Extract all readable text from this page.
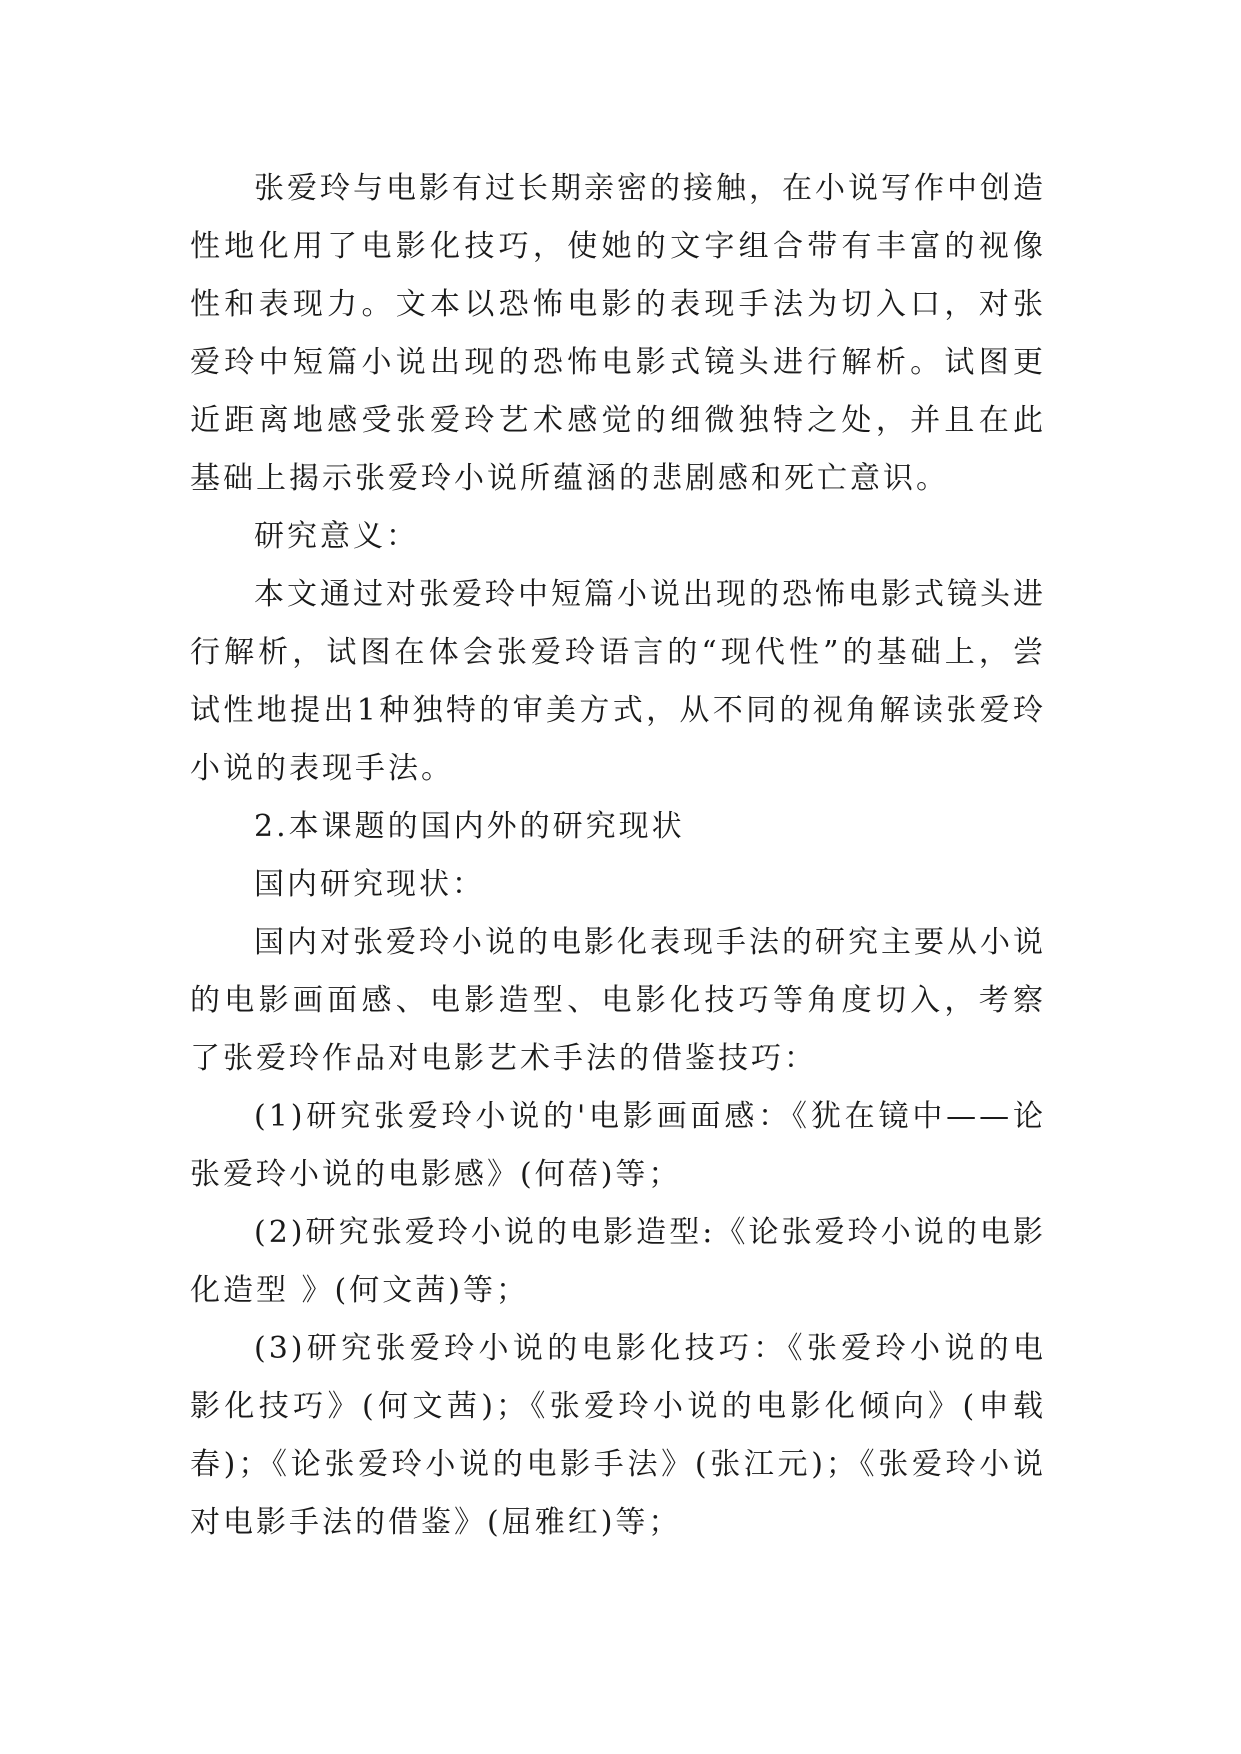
张爱玲与电影有过长期亲密的接触，在小说写作中创造性地化用了电影化技巧，使她的文字组合带有丰富的视像性和表现力。文本以恐怖电影的表现手法为切入口，对张爱玲中短篇小说出现的恐怖电影式镜头进行解析。试图更近距离地感受张爱玲艺术感觉的细微独特之处，并且在此基础上揭示张爱玲小说所蕴涵的悲剧感和死亡意识。

研究意义：

本文通过对张爱玲中短篇小说出现的恐怖电影式镜头进行解析，试图在体会张爱玲语言的“现代性”的基础上，尝试性地提出1种独特的审美方式，从不同的视角解读张爱玲小说的表现手法。

2.本课题的国内外的研究现状

国内研究现状：

国内对张爱玲小说的电影化表现手法的研究主要从小说的电影画面感、电影造型、电影化技巧等角度切入，考察了张爱玲作品对电影艺术手法的借鉴技巧：

(1)研究张爱玲小说的'电影画面感：《犹在镜中——论张爱玲小说的电影感》(何蓓)等；

(2)研究张爱玲小说的电影造型:《论张爱玲小说的电影化造型 》(何文茜)等；

(3)研究张爱玲小说的电影化技巧：《张爱玲小说的电影化技巧》(何文茜)；《张爱玲小说的电影化倾向》(申载春)；《论张爱玲小说的电影手法》(张江元)；《张爱玲小说对电影手法的借鉴》(屈雅红)等；
